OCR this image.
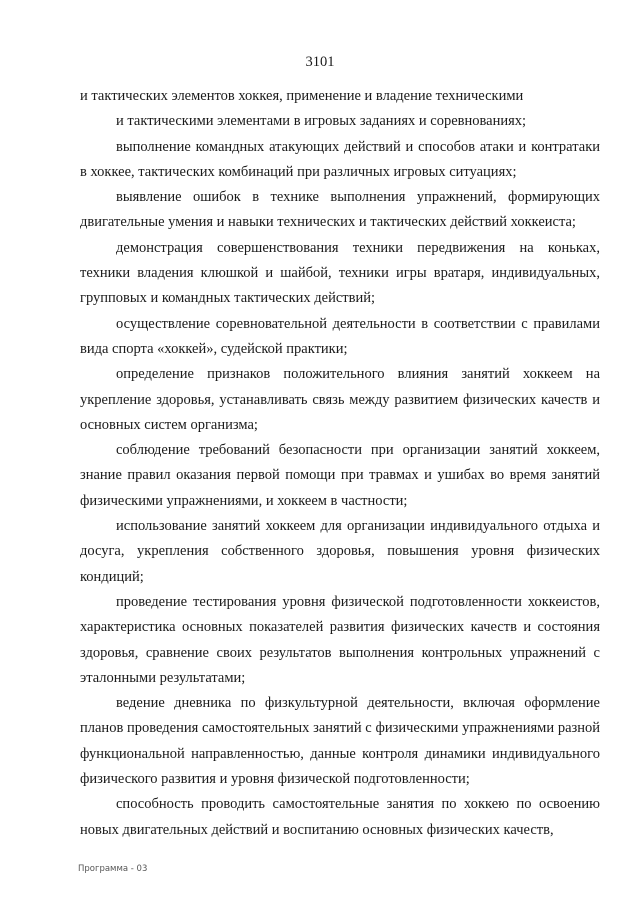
3101

и тактических элементов хоккея, применение и владение техническими

и тактическими элементами в игровых заданиях и соревнованиях;

выполнение командных атакующих действий и способов атаки и контратаки в хоккее, тактических комбинаций при различных игровых ситуациях;

выявление ошибок в технике выполнения упражнений, формирующих двигательные умения и навыки технических и тактических действий хоккеиста;

демонстрация совершенствования техники передвижения на коньках, техники владения клюшкой и шайбой, техники игры вратаря, индивидуальных, групповых и командных тактических действий;

осуществление соревновательной деятельности в соответствии с правилами вида спорта «хоккей», судейской практики;

определение признаков положительного влияния занятий хоккеем на укрепление здоровья, устанавливать связь между развитием физических качеств и основных систем организма;

соблюдение требований безопасности при организации занятий хоккеем, знание правил оказания первой помощи при травмах и ушибах во время занятий физическими упражнениями, и хоккеем в частности;

использование занятий хоккеем для организации индивидуального отдыха и досуга, укрепления собственного здоровья, повышения уровня физических кондиций;

проведение тестирования уровня физической подготовленности хоккеистов, характеристика основных показателей развития физических качеств и состояния здоровья, сравнение своих результатов выполнения контрольных упражнений с эталонными результатами;

ведение дневника по физкультурной деятельности, включая оформление планов проведения самостоятельных занятий с физическими упражнениями разной функциональной направленностью, данные контроля динамики индивидуального физического развития и уровня физической подготовленности;

способность проводить самостоятельные занятия по хоккею по освоению новых двигательных действий и воспитанию основных физических качеств,

Программа - 03
